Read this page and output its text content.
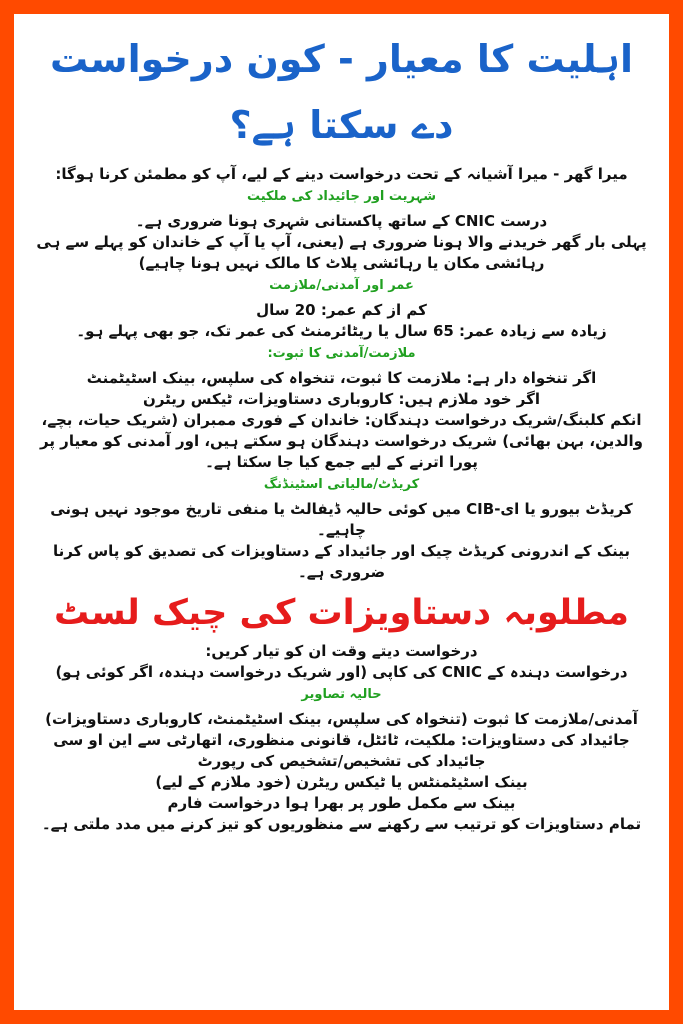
اہلیت کا معیار - کون درخواست دے سکتا ہے؟
میرا گھر - میرا آشیانہ کے تحت درخواست دینے کے لیے، آپ کو مطمئن کرنا ہوگا:
شہریت اور جائیداد کی ملکیت
درست CNIC کے ساتھ پاکستانی شہری ہونا ضروری ہے۔
پہلی بار گھر خریدنے والا ہونا ضروری ہے (یعنی، آپ یا آپ کے خاندان کو پہلے سے ہی رہائشی مکان یا رہائشی پلاٹ کا مالک نہیں ہونا چاہیے)
عمر اور آمدنی/ملازمت
کم از کم عمر: 20 سال
زیادہ سے زیادہ عمر: 65 سال یا ریٹائرمنٹ کی عمر تک، جو بھی پہلے ہو۔
ملازمت/آمدنی کا ثبوت:
اگر تنخواہ دار ہے: ملازمت کا ثبوت، تنخواہ کی سلپس، بینک اسٹیٹمنٹ
اگر خود ملازم ہیں: کاروباری دستاویزات، ٹیکس ریٹرن
انکم کلبنگ/شریک درخواست دہندگان: خاندان کے فوری ممبران (شریک حیات، بچے، والدین، بہن بھائی) شریک درخواست دہندگان ہو سکتے ہیں، اور آمدنی کو معیار پر پورا اترنے کے لیے جمع کیا جا سکتا ہے۔
کریڈٹ/مالیاتی اسٹینڈنگ
کریڈٹ بیورو یا ای-CIB میں کوئی حالیہ ڈیفالٹ یا منفی تاریخ موجود نہیں ہونی چاہیے۔
بینک کے اندرونی کریڈٹ چیک اور جائیداد کے دستاویزات کی تصدیق کو پاس کرنا ضروری ہے۔
مطلوبہ دستاویزات کی چیک لسٹ
درخواست دیتے وقت ان کو تیار کریں:
درخواست دہندہ کے CNIC کی کاپی (اور شریک درخواست دہندہ، اگر کوئی ہو)
حالیہ تصاویر
آمدنی/ملازمت کا ثبوت (تنخواہ کی سلپس، بینک اسٹیٹمنٹ، کاروباری دستاویزات)
جائیداد کی دستاویزات: ملکیت، ٹائٹل، قانونی منظوری، اتھارٹی سے این او سی
جائیداد کی تشخیص/تشخیص کی رپورٹ
بینک اسٹیٹمنٹس یا ٹیکس ریٹرن (خود ملازم کے لیے)
بینک سے مکمل طور پر بھرا ہوا درخواست فارم
تمام دستاویزات کو ترتیب سے رکھنے سے منظوریوں کو تیز کرنے میں مدد ملتی ہے۔
